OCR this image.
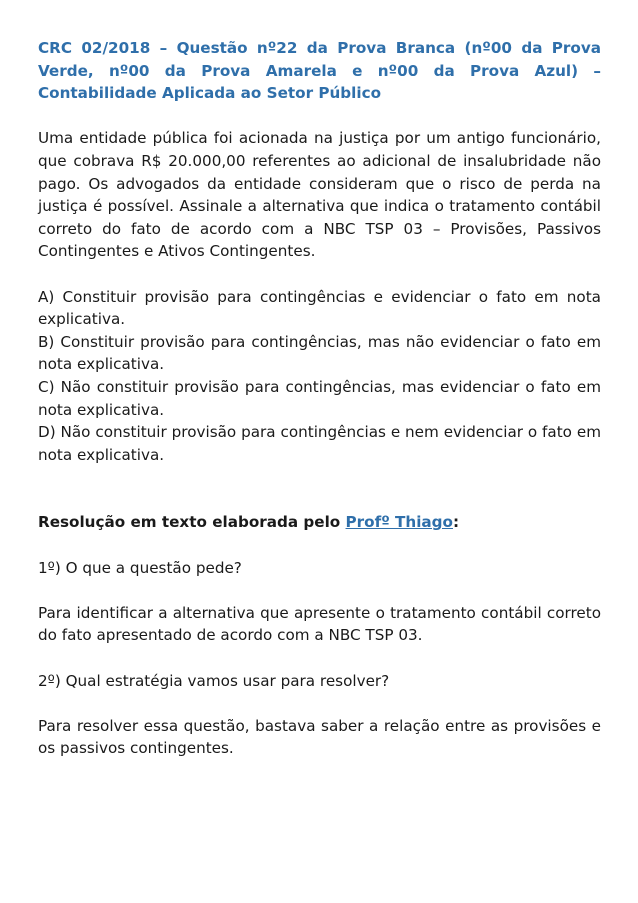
CRC 02/2018 – Questão nº22 da Prova Branca (nº00 da Prova Verde, nº00 da Prova Amarela e nº00 da Prova Azul) – Contabilidade Aplicada ao Setor Público

Uma entidade pública foi acionada na justiça por um antigo funcionário, que cobrava R$ 20.000,00 referentes ao adicional de insalubridade não pago. Os advogados da entidade consideram que o risco de perda na justiça é possível. Assinale a alternativa que indica o tratamento contábil correto do fato de acordo com a NBC TSP 03 – Provisões, Passivos Contingentes e Ativos Contingentes.

A) Constituir provisão para contingências e evidenciar o fato em nota explicativa.

B) Constituir provisão para contingências, mas não evidenciar o fato em nota explicativa.

C) Não constituir provisão para contingências, mas evidenciar o fato em nota explicativa.

D) Não constituir provisão para contingências e nem evidenciar o fato em nota explicativa.

Resolução em texto elaborada pelo Profº Thiago:

1º) O que a questão pede?

Para identificar a alternativa que apresente o tratamento contábil correto do fato apresentado de acordo com a NBC TSP 03.

2º) Qual estratégia vamos usar para resolver?

Para resolver essa questão, bastava saber a relação entre as provisões e os passivos contingentes.
